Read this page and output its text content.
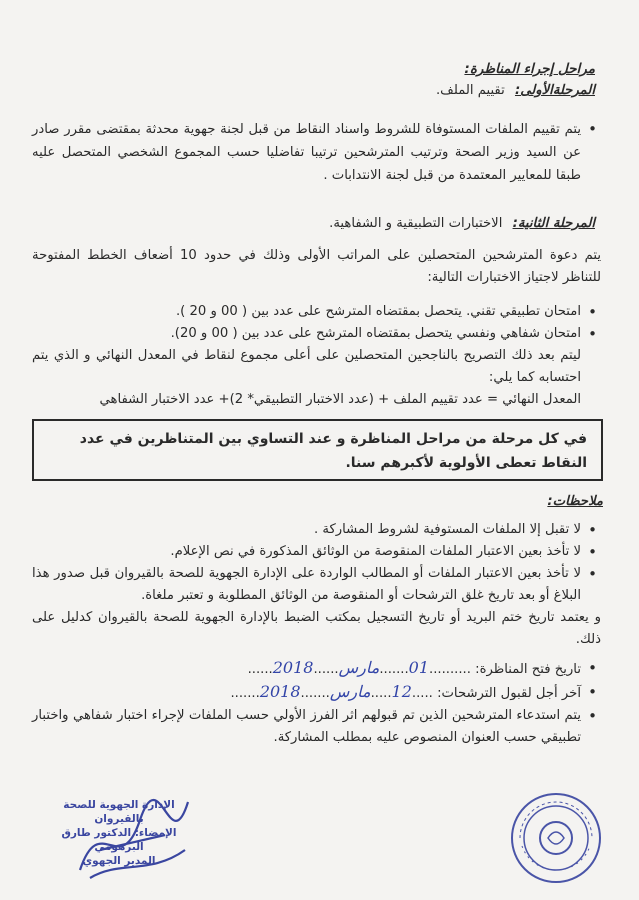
مراحل إجراء المناظرة:
المرحلةالأولى: تقييم الملف.
• يتم تقييم الملفات المستوفاة للشروط واسناد النقاط من قبل لجنة جهوية محدثة بمقتضى مقرر صادر عن السيد وزير الصحة وترتيب المترشحين ترتيبا تفاضليا حسب المجموع الشخصي المتحصل عليه طبقا للمعايير المعتمدة من قبل لجنة الانتدابات .
المرحلة الثانية: الاختبارات التطبيقية و الشفاهية.
يتم دعوة المترشحين المتحصلين على المراتب الأولى وذلك في حدود 10 أضعاف الخطط المفتوحة للتناظر لاجتياز الاختبارات التالية:
• امتحان تطبيقي تقني. يتحصل بمقتضاه المترشح على عدد بين ( 00 و 20 ).
• امتحان شفاهي ونفسي يتحصل بمقتضاه المترشح على عدد بين ( 00 و 20).
ليتم بعد ذلك التصريح بالناجحين المتحصلين على أعلى مجموع لنقاط في المعدل النهائي و الذي يتم احتسابه كما يلي:
المعدل النهائي = عدد تقييم الملف + (عدد الاختبار التطبيقي* 2)+ عدد الاختبار الشفاهي
في كل مرحلة من مراحل المناظرة و عند التساوي بين المتناظرين في عدد النقاط تعطى الأولوية لأكبرهم سنا.
ملاحظات:
• لا تقبل إلا الملفات المستوفية لشروط المشاركة .
• لا تأخذ بعين الاعتبار الملفات المنقوصة من الوثائق المذكورة في نص الإعلام.
• لا تأخذ بعين الاعتبار الملفات أو المطالب الواردة على الإدارة الجهوية للصحة بالقيروان قبل صدور هذا البلاغ أو بعد تاريخ غلق الترشحات أو المنقوصة من الوثائق المطلوبة و تعتبر ملغاة.
و يعتمد تاريخ ختم البريد أو تاريخ التسجيل بمكتب الضبط بالإدارة الجهوية للصحة بالقيروان كدليل على ذلك.
• تاريخ فتح المناظرة: ..........01.......مارس......2018......
• آخر أجل لقبول الترشحات: .....12.....مارس.......2018.......
• يتم استدعاء المترشحين الذين تم قبولهم اثر الفرز الأولي حسب الملفات لإجراء اختبار شفاهي واختبار تطبيقي حسب العنوان المنصوص عليه بمطلب المشاركة.
الإدارة الجهوية للصحة بالقيروان
الإمضاء: الدكتور طارق البرهومي
المدير الجهوي
